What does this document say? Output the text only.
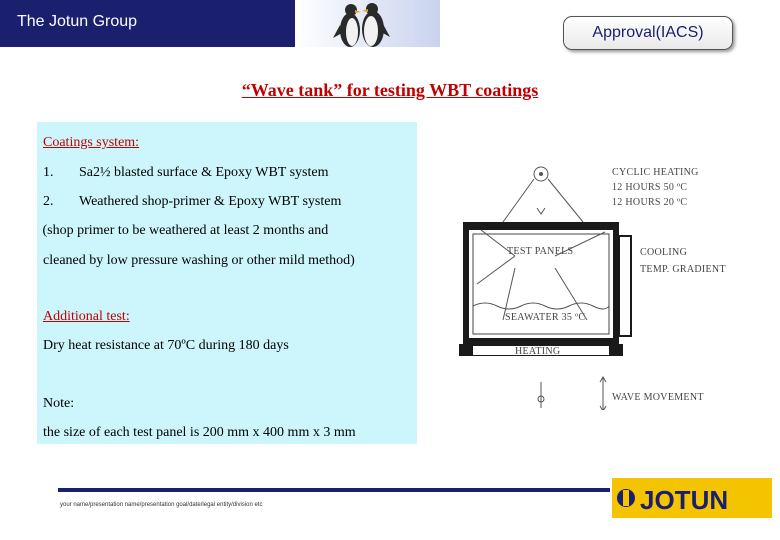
The Jotun Group
Approval(IACS)
“Wave tank” for testing WBT coatings
Coatings system:
1. Sa2½ blasted surface & Epoxy WBT system
2. Weathered shop-primer & Epoxy WBT system
(shop primer to be weathered at least 2 months and
cleaned by low pressure washing or other mild method)
Additional test:
Dry heat resistance at 70ºC during 180 days
Note:
the size of each test panel is 200 mm x 400 mm x 3 mm
CYCLIC HEATING
12 HOURS 50 ºC
12 HOURS 20 ºC
TEST PANELS	COOLING
TEMP. GRADIENT
SEAWATER 35 ºC
HEATING
WAVE MOVEMENT
your name/presentation name/presentation goal/date/legal entity/division etc	JOTUN
